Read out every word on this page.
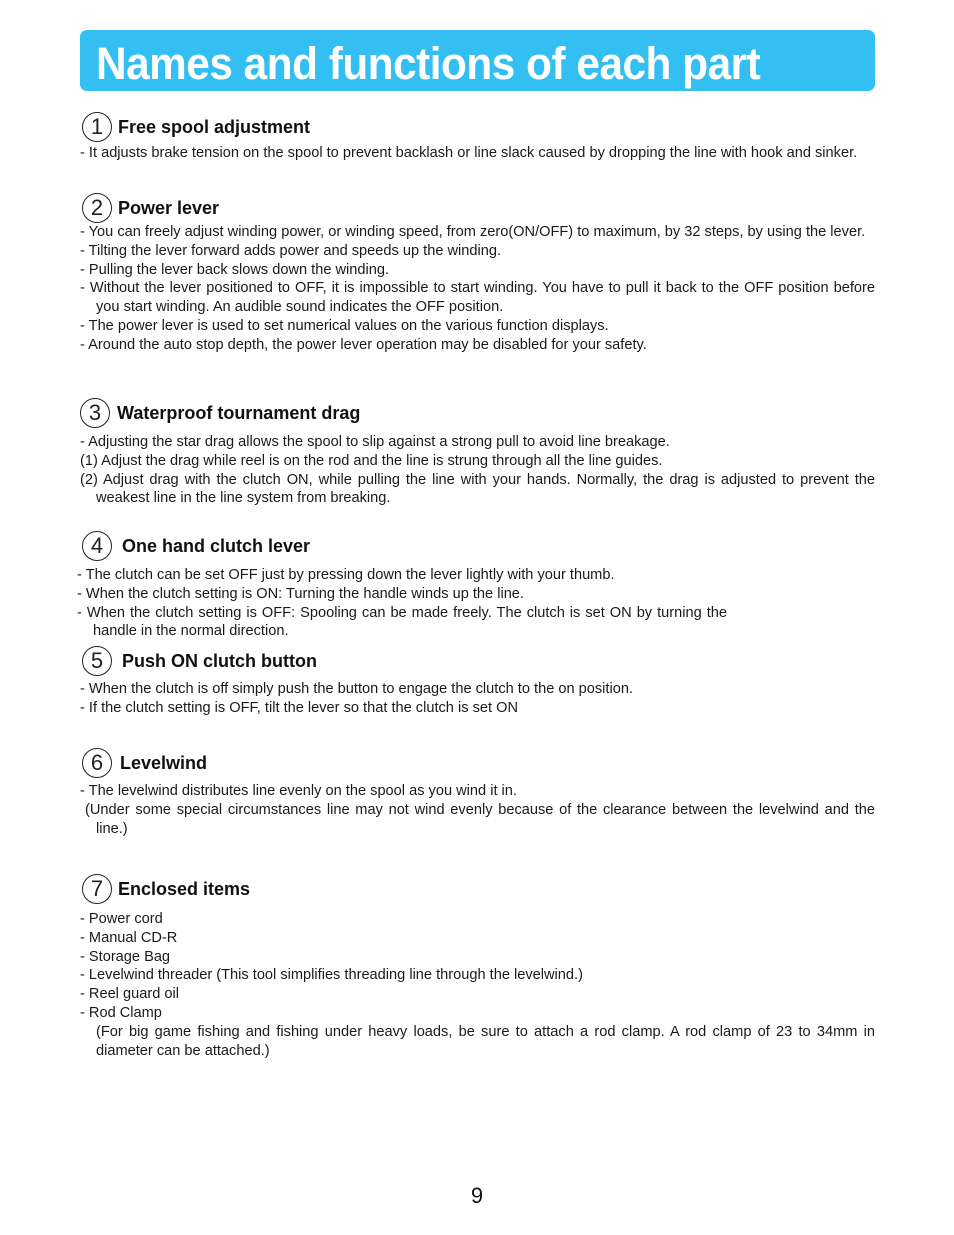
Names and functions of each part
1 Free spool adjustment
- It adjusts brake tension on the spool to prevent backlash or line slack caused by dropping the line with hook and sinker.
2 Power lever
- You can freely adjust winding power, or winding speed, from zero(ON/OFF) to maximum, by 32 steps, by using the lever.
- Tilting the lever forward adds power and speeds up the winding.
- Pulling the lever back slows down the winding.
- Without the lever positioned to OFF, it is impossible to start winding. You have to pull it back to the OFF position before you start winding. An audible sound indicates the OFF position.
- The power lever is used to set numerical values on the various function displays.
- Around the auto stop depth, the power lever operation may be disabled for your safety.
3 Waterproof tournament drag
- Adjusting the star drag allows the spool to slip against a strong pull to avoid line breakage.
(1) Adjust the drag while reel is on the rod and the line is strung through all the line guides.
(2) Adjust drag with the clutch ON, while pulling the line with your hands. Normally, the drag is adjusted to prevent the weakest line in the line system from breaking.
4	One hand clutch lever
- The clutch can be set OFF just by pressing down the lever lightly with your thumb.
- When the clutch setting is ON: Turning the handle winds up the line.
- When the clutch setting is OFF: Spooling can be made freely. The clutch is set ON by turning the handle in the normal direction.
5	Push ON clutch button
- When the clutch is off simply push the button to engage the clutch to the on position.
- If the clutch setting is OFF, tilt the lever so that the clutch is set ON
6 Levelwind
- The levelwind distributes line evenly on the spool as you wind it in.
(Under some special circumstances line may not wind evenly because of the clearance between the levelwind and the line.)
7 Enclosed items
- Power cord
- Manual CD-R
- Storage Bag
- Levelwind threader (This tool simplifies threading line through the levelwind.)
- Reel guard oil
- Rod Clamp
(For big game fishing and fishing under heavy loads, be sure to attach a rod clamp. A rod clamp of 23 to 34mm in diameter can be attached.)
9
